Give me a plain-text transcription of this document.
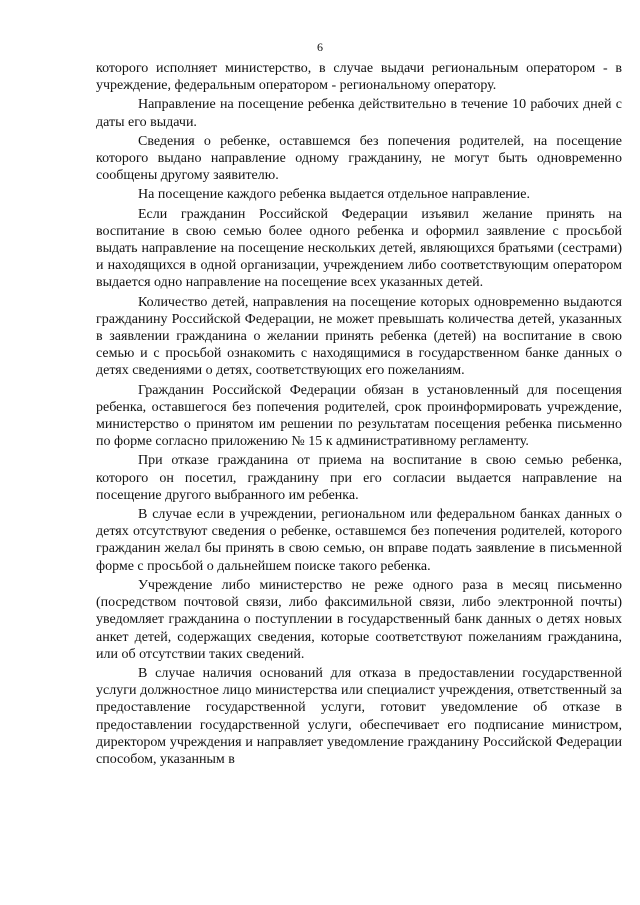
6

которого исполняет министерство, в случае выдачи региональным оператором - в учреждение, федеральным оператором - региональному оператору.

Направление на посещение ребенка действительно в течение 10 рабочих дней с даты его выдачи.

Сведения о ребенке, оставшемся без попечения родителей, на посещение которого выдано направление одному гражданину, не могут быть одновременно сообщены другому заявителю.

На посещение каждого ребенка выдается отдельное направление.

Если гражданин Российской Федерации изъявил желание принять на воспитание в свою семью более одного ребенка и оформил заявление с просьбой выдать направление на посещение нескольких детей, являющихся братьями (сестрами) и находящихся в одной организации, учреждением либо соответствующим оператором выдается одно направление на посещение всех указанных детей.

Количество детей, направления на посещение которых одновременно выдаются гражданину Российской Федерации, не может превышать количества детей, указанных в заявлении гражданина о желании принять ребенка (детей) на воспитание в свою семью и с просьбой ознакомить с находящимися в государственном банке данных о детях сведениями о детях, соответствующих его пожеланиям.

Гражданин Российской Федерации обязан в установленный для посещения ребенка, оставшегося без попечения родителей, срок проинформировать учреждение, министерство о принятом им решении по результатам посещения ребенка письменно по форме согласно приложению № 15 к административному регламенту.

При отказе гражданина от приема на воспитание в свою семью ребенка, которого он посетил, гражданину при его согласии выдается направление на посещение другого выбранного им ребенка.

В случае если в учреждении, региональном или федеральном банках данных о детях отсутствуют сведения о ребенке, оставшемся без попечения родителей, которого гражданин желал бы принять в свою семью, он вправе подать заявление в письменной форме с просьбой о дальнейшем поиске такого ребенка.

Учреждение либо министерство не реже одного раза в месяц письменно (посредством почтовой связи, либо факсимильной связи, либо электронной почты) уведомляет гражданина о поступлении в государственный банк данных о детях новых анкет детей, содержащих сведения, которые соответствуют пожеланиям гражданина, или об отсутствии таких сведений.

В случае наличия оснований для отказа в предоставлении государственной услуги должностное лицо министерства или специалист учреждения, ответственный за предоставление государственной услуги, готовит уведомление об отказе в предоставлении государственной услуги, обеспечивает его подписание министром, директором учреждения и направляет уведомление гражданину Российской Федерации способом, указанным в
